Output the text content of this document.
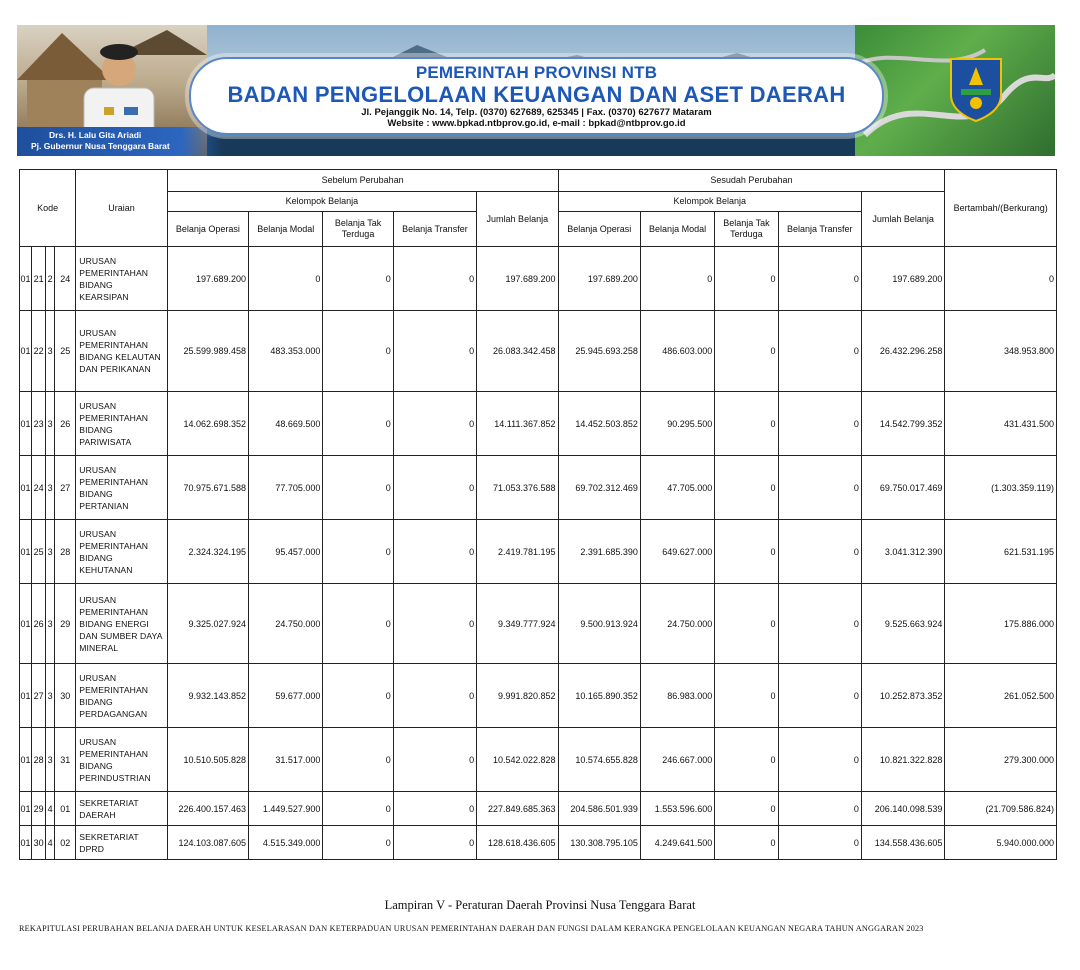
Drs. H. Lalu Gita Ariadi
Pj. Gubernur Nusa Tenggara Barat
PEMERINTAH PROVINSI NTB
BADAN PENGELOLAAN KEUANGAN DAN ASET DAERAH
Jl. Pejanggik No. 14, Telp. (0370) 627689, 625345 | Fax. (0370) 627677 Mataram
Website : www.bpkad.ntbprov.go.id, e-mail : bpkad@ntbprov.go.id
Kode				Uraian	Sebelum Perubahan					Sesudah Perubahan					Bertambah/(Berkurang)
					Kelompok Belanja				Jumlah Belanja	Kelompok Belanja				Jumlah Belanja	
					Belanja Operasi	Belanja Modal	Belanja Tak Terduga	Belanja Transfer		Belanja Operasi	Belanja Modal	Belanja Tak Terduga	Belanja Transfer		
01	21	2	24	URUSAN PEMERINTAHAN BIDANG KEARSIPAN	197.689.200	0	0	0	197.689.200	197.689.200	0	0	0	197.689.200	0
01	22	3	25	URUSAN PEMERINTAHAN BIDANG KELAUTAN DAN PERIKANAN	25.599.989.458	483.353.000	0	0	26.083.342.458	25.945.693.258	486.603.000	0	0	26.432.296.258	348.953.800
01	23	3	26	URUSAN PEMERINTAHAN BIDANG PARIWISATA	14.062.698.352	48.669.500	0	0	14.111.367.852	14.452.503.852	90.295.500	0	0	14.542.799.352	431.431.500
01	24	3	27	URUSAN PEMERINTAHAN BIDANG PERTANIAN	70.975.671.588	77.705.000	0	0	71.053.376.588	69.702.312.469	47.705.000	0	0	69.750.017.469	(1.303.359.119)
01	25	3	28	URUSAN PEMERINTAHAN BIDANG KEHUTANAN	2.324.324.195	95.457.000	0	0	2.419.781.195	2.391.685.390	649.627.000	0	0	3.041.312.390	621.531.195
01	26	3	29	URUSAN PEMERINTAHAN BIDANG ENERGI DAN SUMBER DAYA MINERAL	9.325.027.924	24.750.000	0	0	9.349.777.924	9.500.913.924	24.750.000	0	0	9.525.663.924	175.886.000
01	27	3	30	URUSAN PEMERINTAHAN BIDANG PERDAGANGAN	9.932.143.852	59.677.000	0	0	9.991.820.852	10.165.890.352	86.983.000	0	0	10.252.873.352	261.052.500
01	28	3	31	URUSAN PEMERINTAHAN BIDANG PERINDUSTRIAN	10.510.505.828	31.517.000	0	0	10.542.022.828	10.574.655.828	246.667.000	0	0	10.821.322.828	279.300.000
01	29	4	01	SEKRETARIAT DAERAH	226.400.157.463	1.449.527.900	0	0	227.849.685.363	204.586.501.939	1.553.596.600	0	0	206.140.098.539	(21.709.586.824)
01	30	4	02	SEKRETARIAT DPRD	124.103.087.605	4.515.349.000	0	0	128.618.436.605	130.308.795.105	4.249.641.500	0	0	134.558.436.605	5.940.000.000
Lampiran V - Peraturan Daerah Provinsi Nusa Tenggara Barat
REKAPITULASI PERUBAHAN BELANJA DAERAH UNTUK KESELARASAN DAN KETERPADUAN URUSAN PEMERINTAHAN DAERAH DAN FUNGSI DALAM KERANGKA PENGELOLAAN KEUANGAN NEGARA TAHUN ANGGARAN 2023
